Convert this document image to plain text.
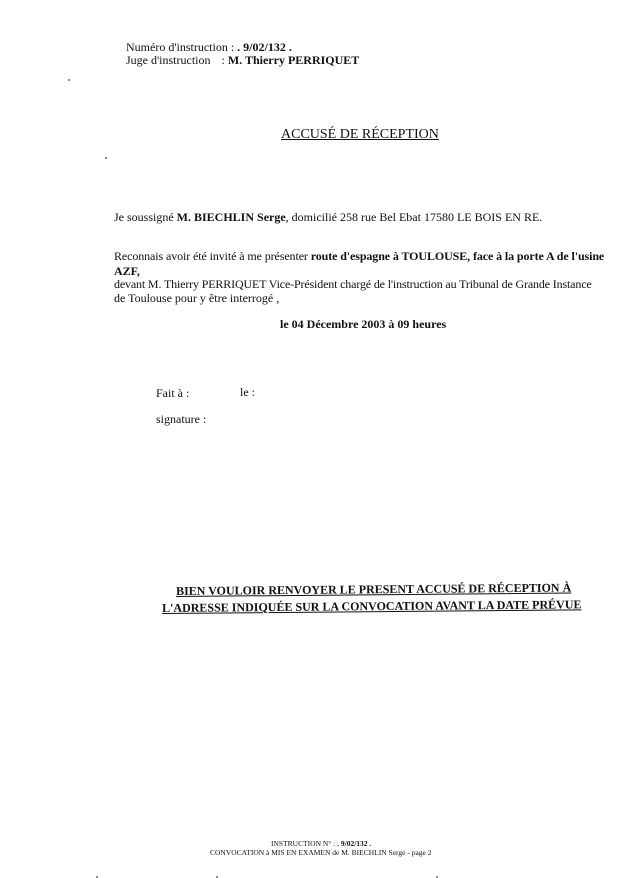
Numéro d'instruction : . 9/02/132 .
Juge d'instruction : M. Thierry PERRIQUET
ACCUSÉ DE RÉCEPTION
Je soussigné M. BIECHLIN Serge, domicilié 258 rue Bel Ebat 17580 LE BOIS EN RE.
Reconnais avoir été invité à me présenter route d'espagne à TOULOUSE, face à la porte A de l'usine
AZF,
devant M. Thierry PERRIQUET Vice-Président chargé de l'instruction au Tribunal de Grande Instance
de Toulouse pour y être interrogé ,
le 04 Décembre 2003 à 09 heures
Fait à :	le :
signature :
BIEN VOULOIR RENVOYER LE PRESENT ACCUSÉ DE RÉCEPTION À
L'ADRESSE INDIQUÉE SUR LA CONVOCATION AVANT LA DATE PRÉVUE
INSTRUCTION N° : . 9/02/132 .
CONVOCATION à MIS EN EXAMEN de M. BIECHLIN Serge - page 2
